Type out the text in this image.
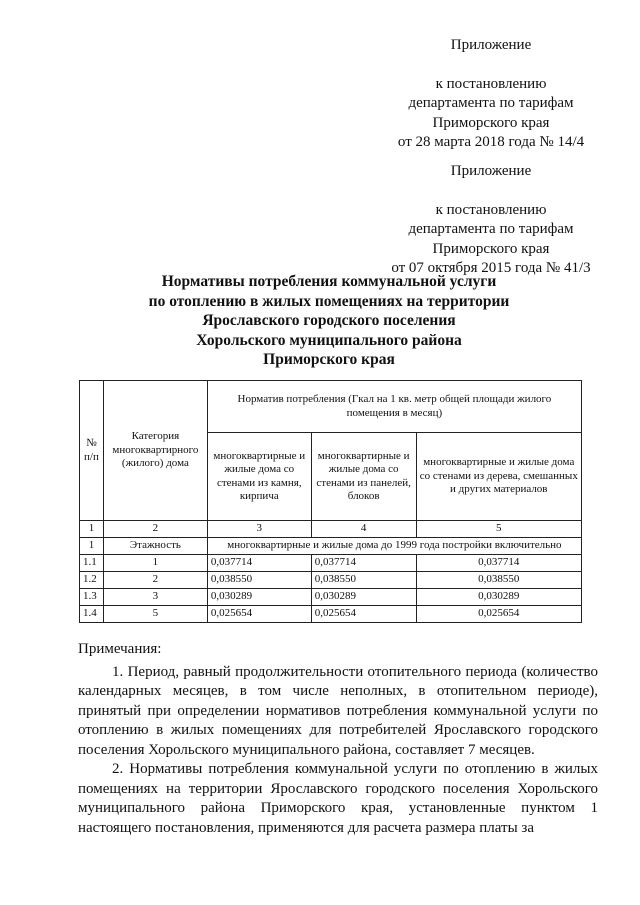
Приложение
к постановлению
департамента по тарифам
Приморского края
от 28 марта 2018 года № 14/4
Приложение
к постановлению
департамента по тарифам
Приморского края
от 07 октября 2015 года № 41/3
Нормативы потребления коммунальной услуги
по отоплению в жилых помещениях на территории
Ярославского городского поселения
Хорольского муниципального района
Приморского края
№ п/п	Категория многоквартирного (жилого) дома	Норматив потребления (Гкал на 1 кв. метр общей площади жилого помещения в месяц)		
		многоквартирные и жилые дома со стенами из камня, кирпича	многоквартирные и жилые дома со стенами из панелей, блоков	многоквартирные и жилые дома со стенами из дерева, смешанных и других материалов
1	2	3	4	5
1	Этажность	многоквартирные и жилые дома до 1999 года постройки включительно		
1.1	1	0,037714	0,037714	0,037714
1.2	2	0,038550	0,038550	0,038550
1.3	3	0,030289	0,030289	0,030289
1.4	5	0,025654	0,025654	0,025654

Примечания:

1. Период, равный продолжительности отопительного периода (количество календарных месяцев, в том числе неполных, в отопительном периоде), принятый при определении нормативов потребления коммунальной услуги по отоплению в жилых помещениях для потребителей Ярославского городского поселения Хорольского муниципального района, составляет 7 месяцев.

2. Нормативы потребления коммунальной услуги по отоплению в жилых помещениях на территории Ярославского городского поселения Хорольского муниципального района Приморского края, установленные пунктом 1 настоящего постановления, применяются для расчета размера платы за
